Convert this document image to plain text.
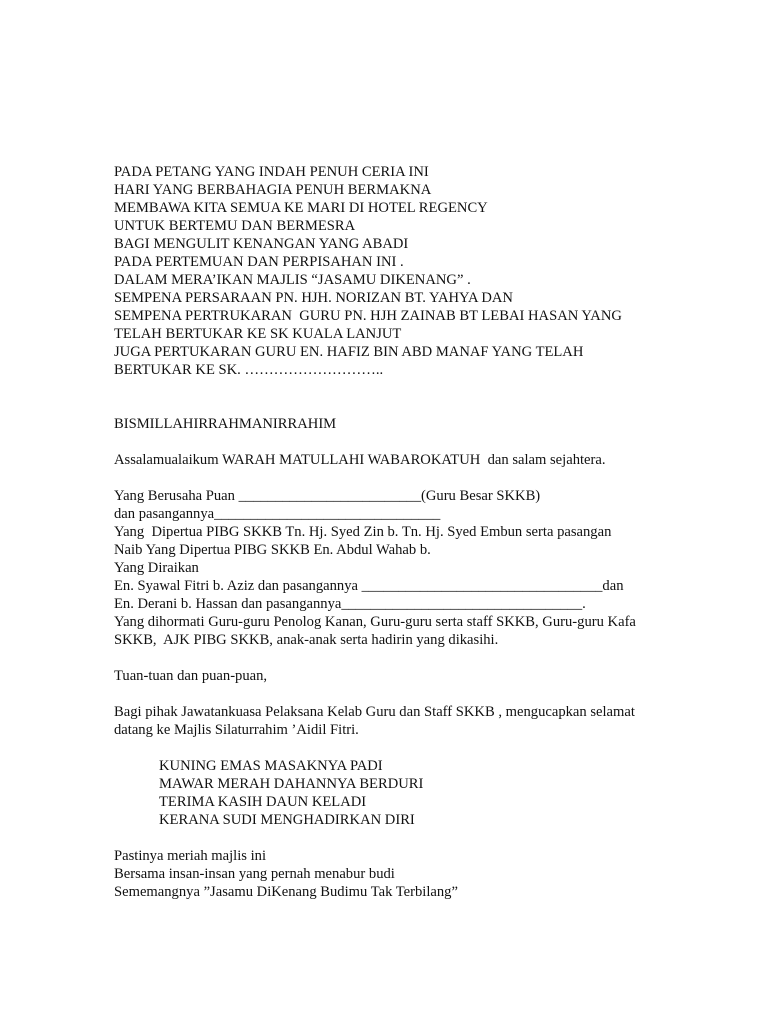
PADA PETANG YANG INDAH PENUH CERIA INI

HARI YANG BERBAHAGIA PENUH BERMAKNA

MEMBAWA KITA SEMUA KE MARI DI HOTEL REGENCY

UNTUK BERTEMU DAN BERMESRA

BAGI MENGULIT KENANGAN YANG ABADI

PADA PERTEMUAN DAN PERPISAHAN INI .

DALAM MERA’IKAN MAJLIS “JASAMU DIKENANG” .

SEMPENA PERSARAAN PN. HJH. NORIZAN BT. YAHYA DAN

SEMPENA PERTRUKARAN  GURU PN. HJH ZAINAB BT LEBAI HASAN YANG

TELAH BERTUKAR KE SK KUALA LANJUT

JUGA PERTUKARAN GURU EN. HAFIZ BIN ABD MANAF YANG TELAH

BERTUKAR KE SK. ………………………..

BISMILLAHIRRAHMANIRRAHIM

Assalamualaikum WARAH MATULLAHI WABAROKATUH  dan salam sejahtera.

Yang Berusaha Puan _________________________(Guru Besar SKKB)

dan pasangannya_______________________________

Yang  Dipertua PIBG SKKB Tn. Hj. Syed Zin b. Tn. Hj. Syed Embun serta pasangan

Naib Yang Dipertua PIBG SKKB En. Abdul Wahab b.

Yang Diraikan

En. Syawal Fitri b. Aziz dan pasangannya _________________________________dan

En. Derani b. Hassan dan pasangannya_________________________________.

Yang dihormati Guru-guru Penolog Kanan, Guru-guru serta staff SKKB, Guru-guru Kafa

SKKB,  AJK PIBG SKKB, anak-anak serta hadirin yang dikasihi.

Tuan-tuan dan puan-puan,

Bagi pihak Jawatankuasa Pelaksana Kelab Guru dan Staff SKKB , mengucapkan selamat

datang ke Majlis Silaturrahim ’Aidil Fitri.

KUNING EMAS MASAKNYA PADI

MAWAR MERAH DAHANNYA BERDURI

TERIMA KASIH DAUN KELADI

KERANA SUDI MENGHADIRKAN DIRI

Pastinya meriah majlis ini

Bersama insan-insan yang pernah menabur budi

Sememangnya ”Jasamu DiKenang Budimu Tak Terbilang”
